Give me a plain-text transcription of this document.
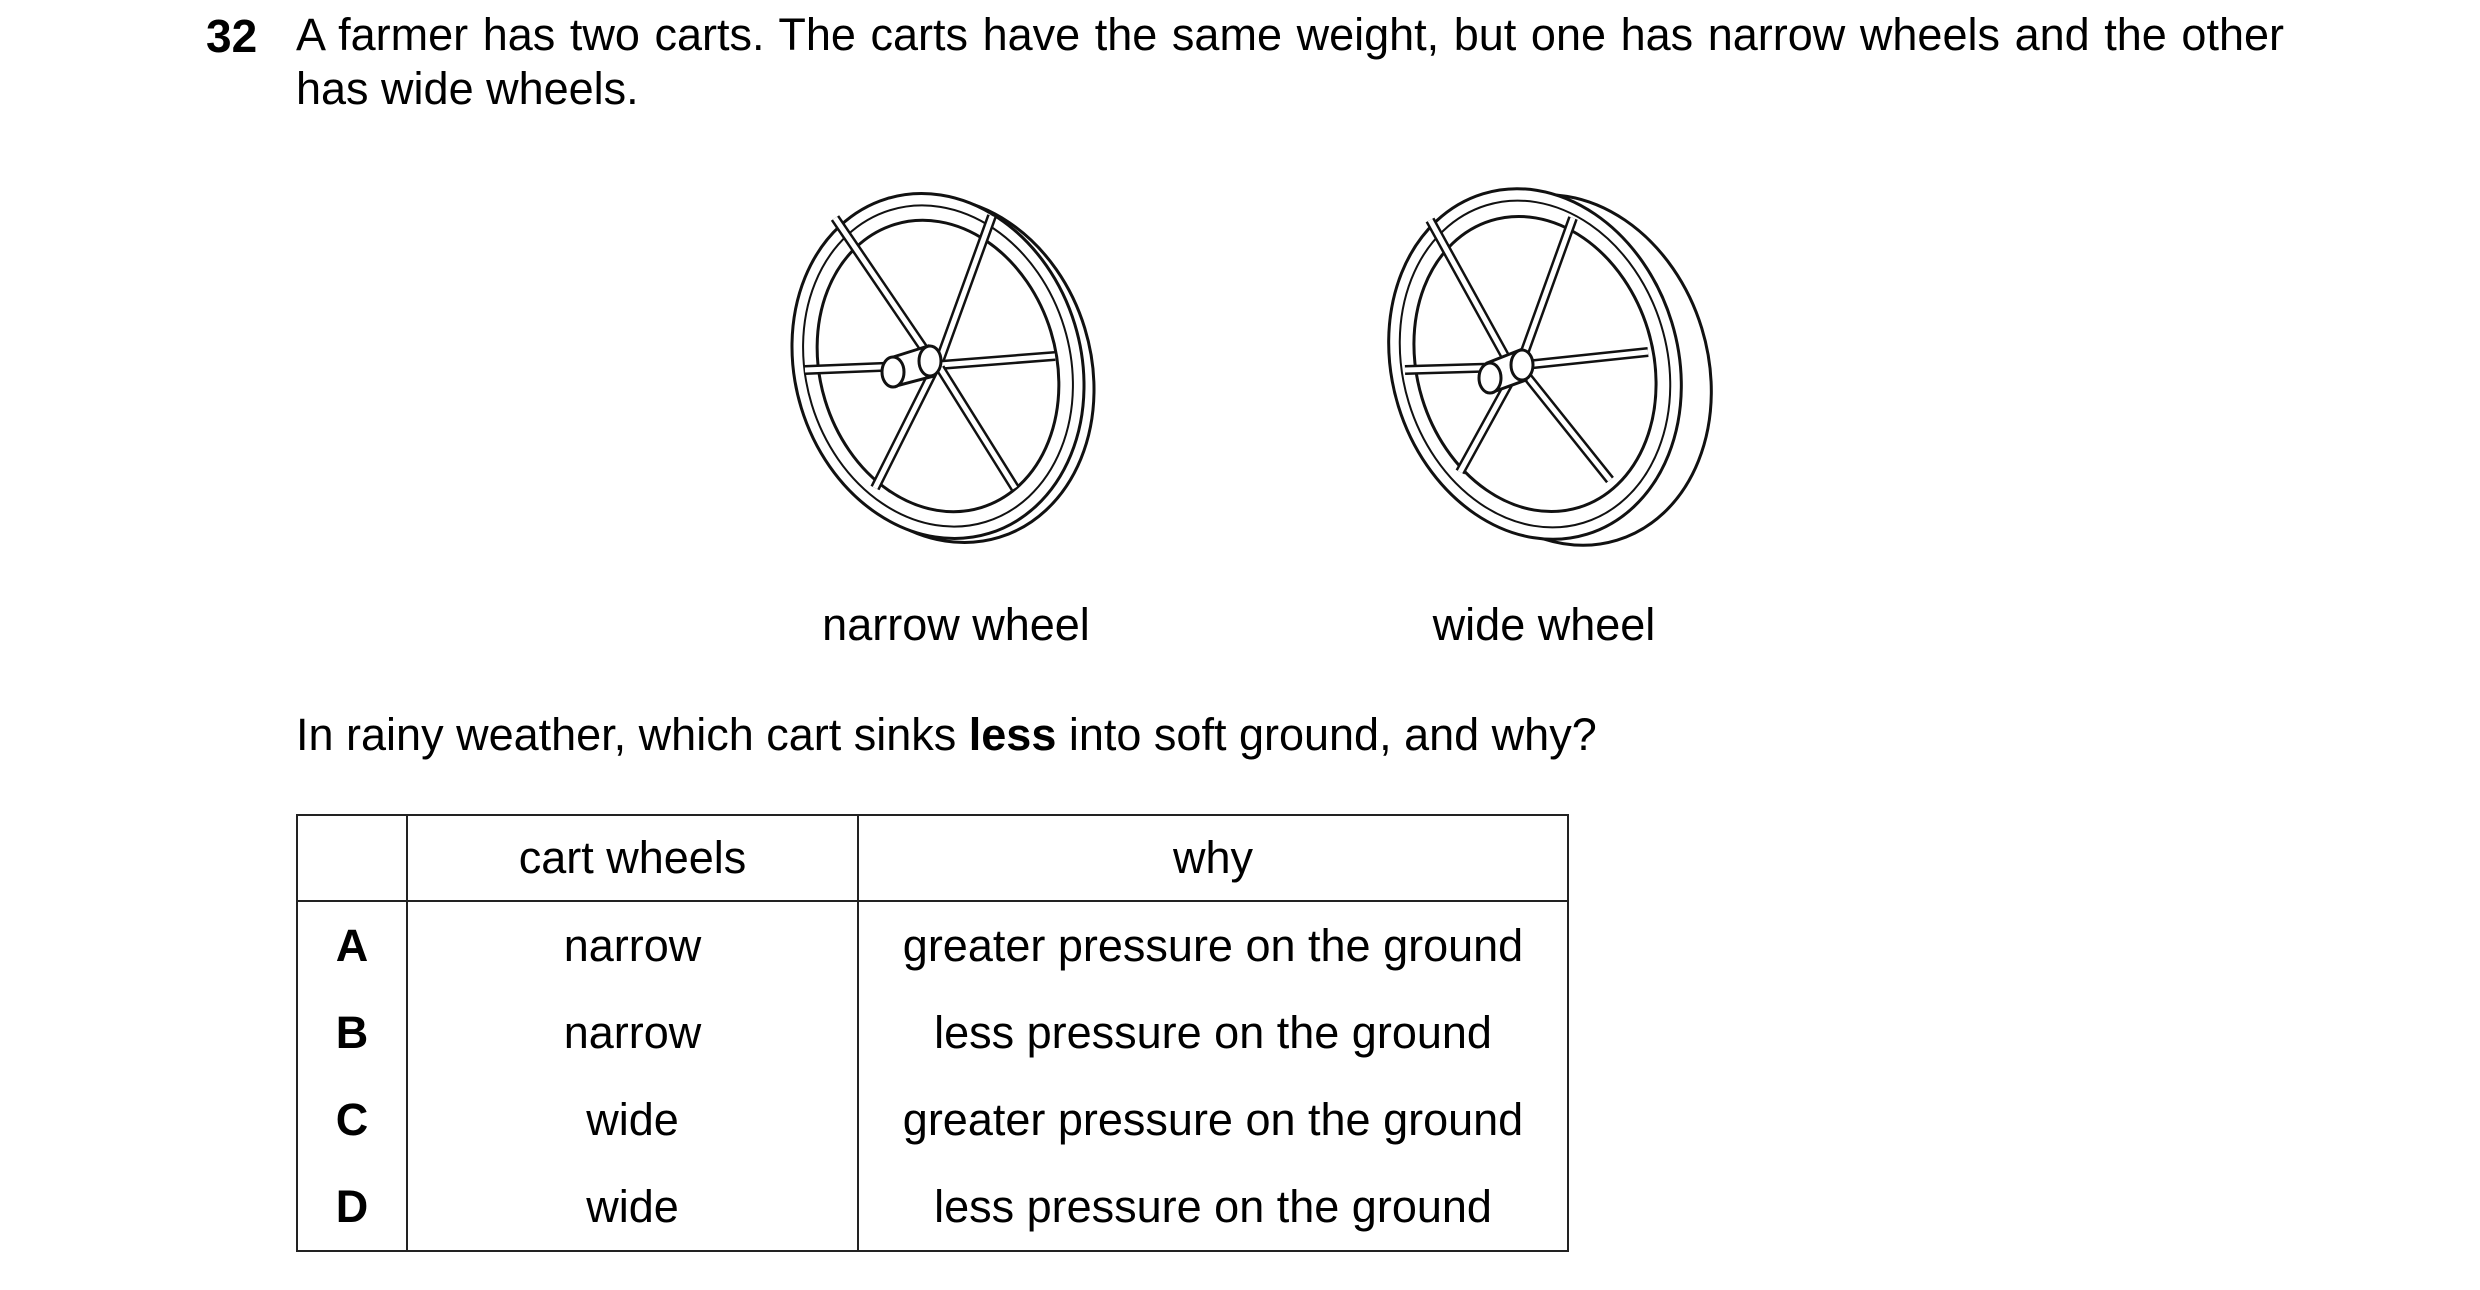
32 A farmer has two carts. The carts have the same weight, but one has narrow wheels and the other has wide wheels.
narrow wheel	wide wheel
In rainy weather, which cart sinks less into soft ground, and why?
	cart wheels	why
A	narrow	greater pressure on the ground
B	narrow	less pressure on the ground
C	wide	greater pressure on the ground
D	wide	less pressure on the ground
